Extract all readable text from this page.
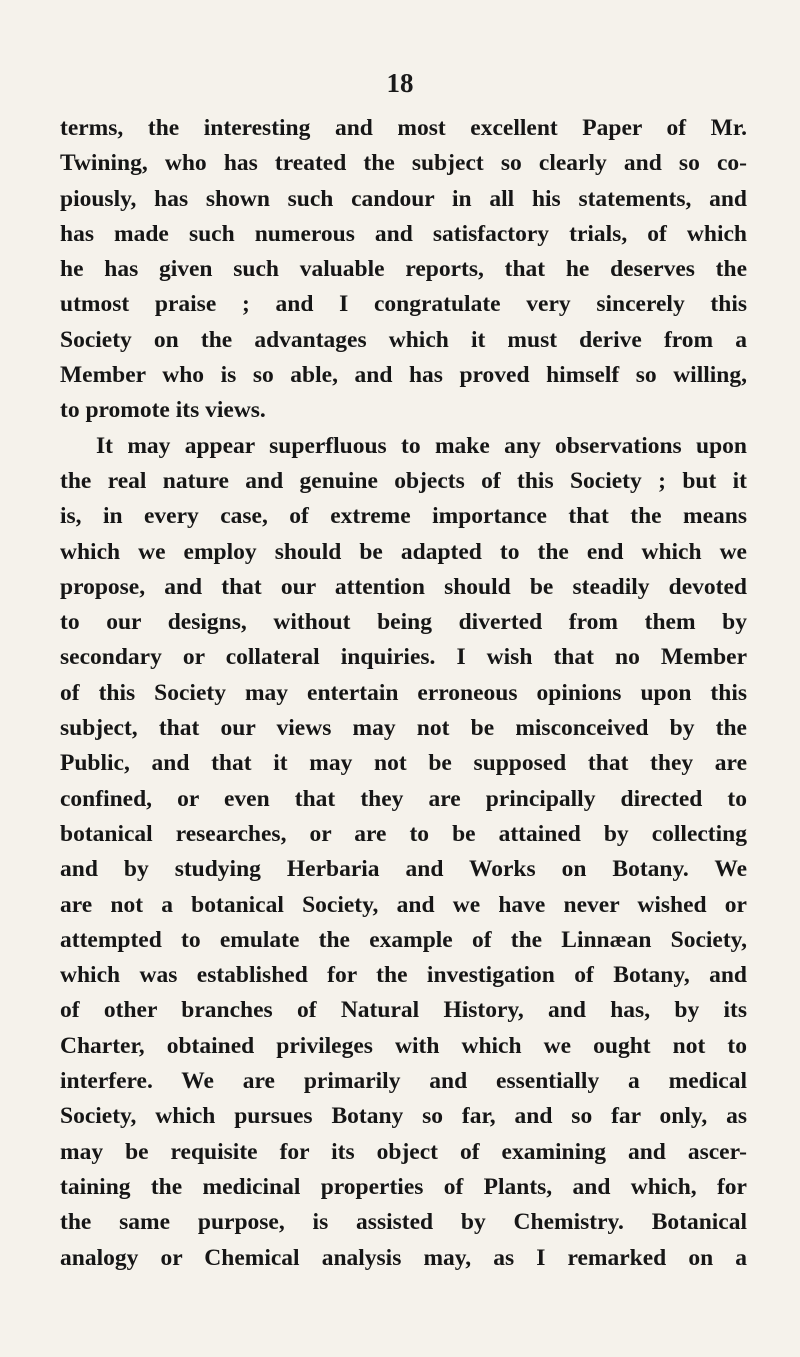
18
terms, the interesting and most excellent Paper of Mr.
Twining, who has treated the subject so clearly and so co-
piously, has shown such candour in all his statements, and
has made such numerous and satisfactory trials, of which
he has given such valuable reports, that he deserves the
utmost praise ; and I congratulate very sincerely this
Society on the advantages which it must derive from a
Member who is so able, and has proved himself so willing,
to promote its views.
It may appear superfluous to make any observations upon
the real nature and genuine objects of this Society ; but it
is, in every case, of extreme importance that the means
which we employ should be adapted to the end which we
propose, and that our attention should be steadily devoted
to our designs, without being diverted from them by
secondary or collateral inquiries. I wish that no Member
of this Society may entertain erroneous opinions upon this
subject, that our views may not be misconceived by the
Public, and that it may not be supposed that they are
confined, or even that they are principally directed to
botanical researches, or are to be attained by collecting
and by studying Herbaria and Works on Botany. We
are not a botanical Society, and we have never wished or
attempted to emulate the example of the Linnæan Society,
which was established for the investigation of Botany, and
of other branches of Natural History, and has, by its
Charter, obtained privileges with which we ought not to
interfere. We are primarily and essentially a medical
Society, which pursues Botany so far, and so far only, as
may be requisite for its object of examining and ascer-
taining the medicinal properties of Plants, and which, for
the same purpose, is assisted by Chemistry. Botanical
analogy or Chemical analysis may, as I remarked on a
